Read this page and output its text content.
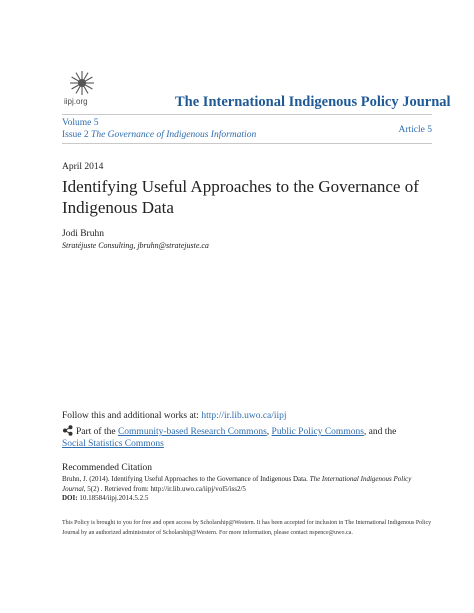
iipj.org	The International Indigenous Policy Journal
Volume 5
Issue 2 The Governance of Indigenous Information	Article 5
April 2014
Identifying Useful Approaches to the Governance of Indigenous Data
Jodi Bruhn
Stratéjuste Consulting, jbruhn@stratejuste.ca
Follow this and additional works at: http://ir.lib.uwo.ca/iipj
Part of the Community-based Research Commons, Public Policy Commons, and the Social Statistics Commons
Recommended Citation
Bruhn, J. (2014). Identifying Useful Approaches to the Governance of Indigenous Data. The International Indigenous Policy Journal, 5(2) . Retrieved from: http://ir.lib.uwo.ca/iipj/vol5/iss2/5
DOI: 10.18584/iipj.2014.5.2.5
This Policy is brought to you for free and open access by Scholarship@Western. It has been accepted for inclusion in The International Indigenous Policy Journal by an authorized administrator of Scholarship@Western. For more information, please contact nspence@uwo.ca.
